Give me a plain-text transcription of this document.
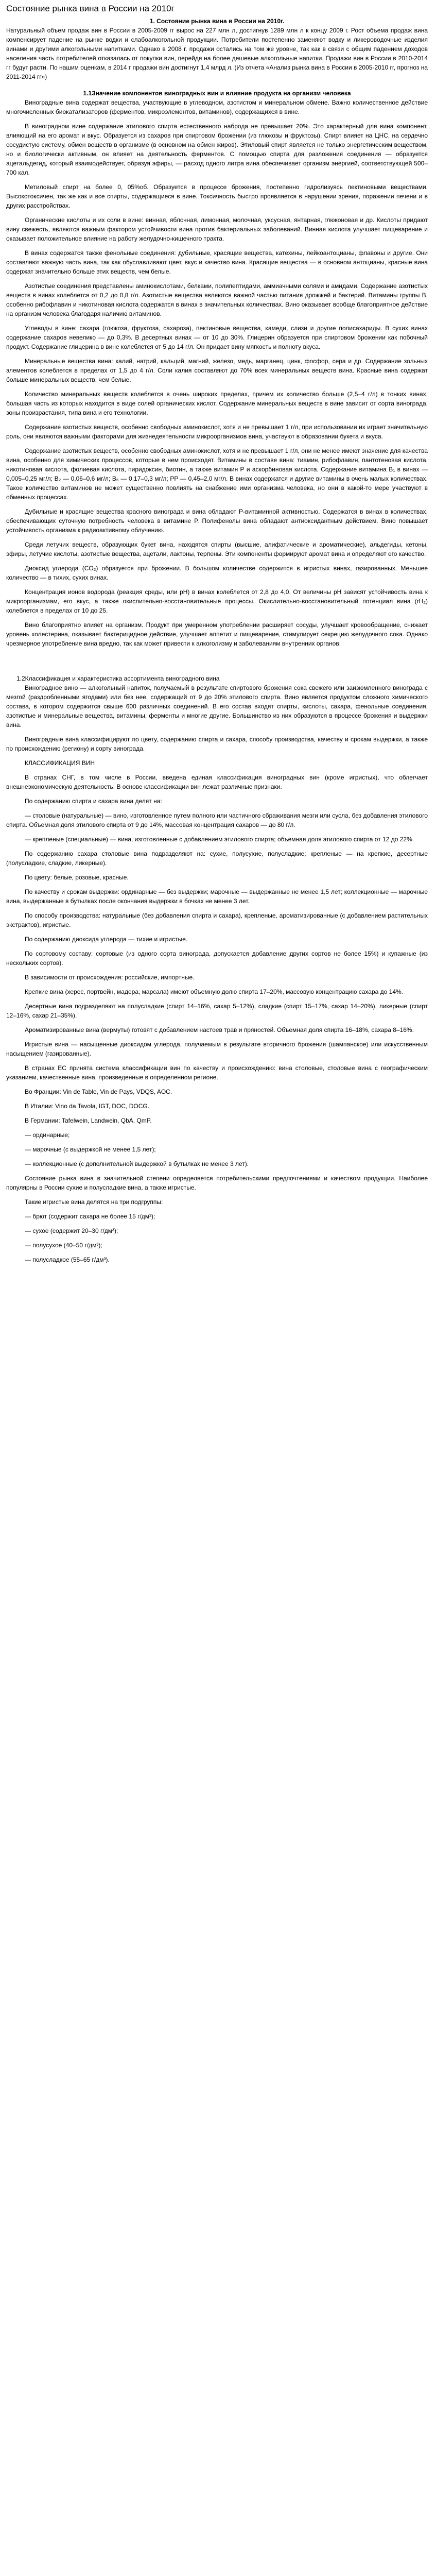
Состояние рынка вина в России на 2010г
1. Состояние рынка вина в России на 2010г.

Натуральный объем продаж вин в России в 2005-2009 гг вырос на 227 млн л, достигнув 1289 млн л к концу 2009 г. Рост объема продаж вина компенсирует падение на рынке водки и слабоалкогольной продукции. Потребители постепенно заменяют водку и ликероводочные изделия винами и другими алкогольными напитками. Однако в 2008 г. продажи остались на том же уровне, так как в связи с общим падением доходов населения часть потребителей отказалась от покупки вин, перейдя на более дешевые алкогольные напитки. Продажи вин в России в 2010-2014 гг будут расти. По нашим оценкам, в 2014 г продажи вин достигнут 1,4 млрд л. (Из отчета «Анализ рынка вина в России в 2005-2010 гг, прогноз на 2011-2014 гг»)

1.1Значение компонентов виноградных вин и влияние продукта на организм человека

Виноградные вина содержат вещества, участвующие в углеводном, азотистом и минеральном обмене. Важно количественное действие многочисленных биокатализаторов (ферментов, микроэлементов, витаминов), содержащихся в вине.

В виноградном вине содержание этилового спирта естественного наброда не превышает 20%. Это характерный для вина компонент, влияющий на его аромат и вкус. Образуется из сахаров при спиртовом брожении (из глюкозы и фруктозы). Спирт влияет на ЦНС, на сердечно сосудистую систему, обмен веществ в организме (в основном на обмен жиров). Этиловый спирт является не только энергетическим веществом, но и биологически активным, он влияет на деятельность ферментов. С помощью спирта для разложения соединения — образуется ацетальдегид, который взаимодействует, образуя эфиры, — расход одного литра вина обеспечивает организм энергией, соответствующей 500–700 кал.

Метиловый спирт на более 0, 05%об. Образуется в процессе брожения, постепенно гидролизуясь пектиновыми веществами. Высокотоксичен, так же как и все спирты, содержащиеся в вине. Токсичность быстро проявляется в нарушении зрения, поражении печени и в других расстройствах.

Органические кислоты и их соли в вине: винная, яблочная, лимонная, молочная, уксусная, янтарная, глюконовая и др. Кислоты придают вину свежесть, являются важным фактором устойчивости вина против бактериальных заболеваний. Винная кислота улучшает пищеварение и оказывает положительное влияние на работу желудочно-кишечного тракта.

В винах содержатся также фенольные соединения: дубильные, красящие вещества, катехины, лейкоантоцианы, флавоны и другие. Они составляют важную часть вина, так как обуславливают цвет, вкус и качество вина. Красящие вещества — в основном антоцианы, красные вина содержат значительно больше этих веществ, чем белые.

Азотистые соединения представлены аминокислотами, белками, полипептидами, аммиачными солями и амидами. Содержание азотистых веществ в винах колеблется от 0,2 до 0,8 г/л. Азотистые вещества являются важной частью питания дрожжей и бактерий. Витамины группы В, особенно рибофлавин и никотиновая кислота содержатся в винах в значительных количествах. Вино оказывает вообще благоприятное действие на организм человека благодаря наличию витаминов.

Углеводы в вине: сахара (глюкоза, фруктоза, сахароза), пектиновые вещества, камеди, слизи и другие полисахариды. В сухих винах содержание сахаров невелико — до 0,3%. В десертных винах — от 10 до 30%. Глицерин образуется при спиртовом брожении как побочный продукт. Содержание глицерина в вине колеблется от 5 до 14 г/л. Он придает вину мягкость и полноту вкуса.

Минеральные вещества вина: калий, натрий, кальций, магний, железо, медь, марганец, цинк, фосфор, сера и др. Содержание зольных элементов колеблется в пределах от 1,5 до 4 г/л. Соли калия составляют до 70% всех минеральных веществ вина. Красные вина содержат больше минеральных веществ, чем белые.

Количество минеральных веществ колеблется в очень широких пределах, причем их количество больше (2,5–4 г/л) в тонких винах, большая часть из которых находится в виде солей органических кислот. Содержание минеральных веществ в вине зависит от сорта винограда, зоны произрастания, типа вина и его технологии.

Содержание азотистых веществ, особенно свободных аминокислот, хотя и не превышает 1 г/л, при использовании их играет значительную роль, они являются важными факторами для жизнедеятельности микроорганизмов вина, участвуют в образовании букета и вкуса.

Содержание азотистых веществ, особенно свободных аминокислот, хотя и не превышает 1 г/л, они не менее имеют значение для качества вина, особенно для химических процессов, которые в нем происходят. Витамины в составе вина: тиамин, рибофлавин, пантотеновая кислота, никотиновая кислота, фолиевая кислота, пиридоксин, биотин, а также витамин Р и аскорбиновая кислота. Содержание витамина В₁ в винах — 0,005–0,25 мг/л; В₂ — 0,06–0,6 мг/л; В₆ — 0,17–0,3 мг/л; РР — 0,45–2,0 мг/л. В винах содержатся и другие витамины в очень малых количествах. Такое количество витаминов не может существенно повлиять на снабжение ими организма человека, но они в какой-то мере участвуют в обменных процессах.

Дубильные и красящие вещества красного винограда и вина обладают Р-витаминной активностью. Содержатся в винах в количествах, обеспечивающих суточную потребность человека в витамине Р. Полифенолы вина обладают антиоксидантным действием. Вино повышает устойчивость организма к радиоактивному облучению.

Среди летучих веществ, образующих букет вина, находятся спирты (высшие, алифатические и ароматические), альдегиды, кетоны, эфиры, летучие кислоты, азотистые вещества, ацетали, лактоны, терпены. Эти компоненты формируют аромат вина и определяют его качество.

Диоксид углерода (CO₂) образуется при брожении. В большом количестве содержится в игристых винах, газированных. Меньшее количество — в тихих, сухих винах.

Концентрация ионов водорода (реакция среды, или pH) в винах колеблется от 2,8 до 4,0. От величины pH зависят устойчивость вина к микроорганизмам, его вкус, а также окислительно-восстановительные процессы. Окислительно-восстановительный потенциал вина (rH₂) колеблется в пределах от 10 до 25.

Вино благоприятно влияет на организм. Продукт при умеренном употреблении расширяет сосуды, улучшает кровообращение, снижает уровень холестерина, оказывает бактерицидное действие, улучшает аппетит и пищеварение, стимулирует секрецию желудочного сока. Однако чрезмерное употребление вина вредно, так как может привести к алкоголизму и заболеваниям внутренних органов.

1.2Классификация и характеристика ассортимента виноградного вина

Виноградное вино — алкогольный напиток, получаемый в результате спиртового брожения сока свежего или заизюмленного винограда с мезгой (раздробленными ягодами) или без нее, содержащий от 9 до 20% этилового спирта. Вино является продуктом сложного химического состава, в котором содержится свыше 600 различных соединений. В его состав входят спирты, кислоты, сахара, фенольные соединения, азотистые и минеральные вещества, витамины, ферменты и многие другие. Большинство из них образуются в процессе брожения и выдержки вина.

Виноградные вина классифицируют по цвету, содержанию спирта и сахара, способу производства, качеству и срокам выдержки, а также по происхождению (региону) и сорту винограда.

КЛАССИФИКАЦИЯ ВИН

В странах СНГ, в том числе в России, введена единая классификация виноградных вин (кроме игристых), что облегчает внешнеэкономическую деятельность. В основе классификации вин лежат различные признаки.

По содержанию спирта и сахара вина делят на:

— столовые (натуральные) — вино, изготовленное путем полного или частичного сбраживания мезги или сусла, без добавления этилового спирта. Объемная доля этилового спирта от 9 до 14%, массовая концентрация сахаров — до 80 г/л.

— крепленые (специальные) — вина, изготовленные с добавлением этилового спирта; объемная доля этилового спирта от 12 до 22%.

По содержанию сахара столовые вина подразделяют на: сухие, полусухие, полусладкие; крепленые — на крепкие, десертные (полусладкие, сладкие, ликерные).

По цвету: белые, розовые, красные.

По качеству и срокам выдержки: ординарные — без выдержки; марочные — выдержанные не менее 1,5 лет; коллекционные — марочные вина, выдержанные в бутылках после окончания выдержки в бочках не менее 3 лет.

По способу производства: натуральные (без добавления спирта и сахара), крепленые, ароматизированные (с добавлением растительных экстрактов), игристые.

По содержанию диоксида углерода — тихие и игристые.

По сортовому составу: сортовые (из одного сорта винограда, допускается добавление других сортов не более 15%) и купажные (из нескольких сортов).

В зависимости от происхождения: российские, импортные.

Крепкие вина (херес, портвейн, мадера, марсала) имеют объемную долю спирта 17–20%, массовую концентрацию сахара до 14%.

Десертные вина подразделяют на полусладкие (спирт 14–16%, сахар 5–12%), сладкие (спирт 15–17%, сахар 14–20%), ликерные (спирт 12–16%, сахар 21–35%).

Ароматизированные вина (вермуты) готовят с добавлением настоев трав и пряностей. Объемная доля спирта 16–18%, сахара 8–16%.

Игристые вина — насыщенные диоксидом углерода, получаемым в результате вторичного брожения (шампанское) или искусственным насыщением (газированные).

В странах ЕС принята система классификации вин по качеству и происхождению: вина столовые, столовые вина с географическим указанием, качественные вина, произведенные в определенном регионе.

Во Франции: Vin de Table, Vin de Pays, VDQS, AOC.

В Италии: Vino da Tavola, IGT, DOC, DOCG.

В Германии: Tafelwein, Landwein, QbA, QmP.

— ординарные;
— марочные (с выдержкой не менее 1,5 лет);
— коллекционные (с дополнительной выдержкой в бутылках не менее 3 лет).

Состояние рынка вина в значительной степени определяется потребительскими предпочтениями и качеством продукции. Наиболее популярны в России сухие и полусладкие вина, а также игристые.

Такие игристые вина делятся на три подгруппы:

— брют (содержит сахара не более 15 г/дм³);

— сухое (содержит 20–30 г/дм³);

— полусухое (40–50 г/дм³);

— полусладкое (55–65 г/дм³).
